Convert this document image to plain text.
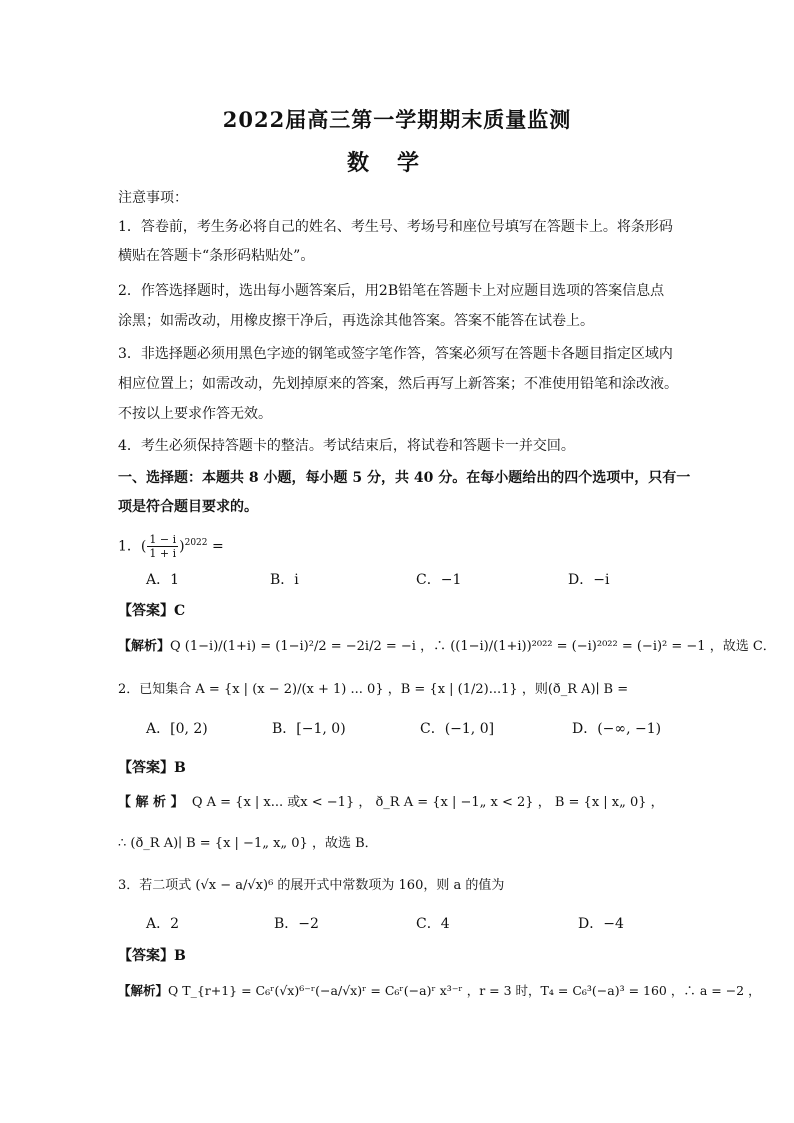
2022届高三第一学期期末质量监测
数学
注意事项：
1．答卷前，考生务必将自己的姓名、考生号、考场号和座位号填写在答题卡上。将条形码
横贴在答题卡“条形码粘贴处”。
2．作答选择题时，选出每小题答案后，用2B铅笔在答题卡上对应题目选项的答案信息点
涂黑；如需改动，用橡皮擦干净后，再选涂其他答案。答案不能答在试卷上。
3．非选择题必须用黑色字迹的钢笔或签字笔作答，答案必须写在答题卡各题目指定区域内
相应位置上；如需改动，先划掉原来的答案，然后再写上新答案；不准使用铅笔和涂改液。
不按以上要求作答无效。
4．考生必须保持答题卡的整洁。考试结束后，将试卷和答题卡一并交回。
一、选择题：本题共 8 小题，每小题 5 分，共 40 分。在每小题给出的四个选项中，只有一
项是符合题目要求的。
1．( $\frac{1 - i}{1 + i} )^{2022}$ =
A．1	B．i	C．−1	D．−i
【答案】C
【解析】Q (1−i)/(1+i) = (1−i)²/2 = −2i/2 = −i ，∴ ((1−i)/(1+i))²⁰²² = (−i)²⁰²² = (−i)² = −1 ，故选 C．
2．已知集合 A = {x | (x − 2)/(x + 1) ... 0} ，B = {x | (1/2)...1} ，则(ð_R A)∣ B =
A．[0, 2)	B．[−1, 0)	C．(−1, 0]	D．(−∞, −1)
【答案】B
【 解 析 】 Q A = {x | x... 或x < −1} ， ð_R A = {x | −1„ x < 2} ， B = {x | x„ 0} ，
∴ (ð_R A)∣ B = {x | −1„ x„ 0} ，故选 B．
3．若二项式 (√x − a/√x)⁶ 的展开式中常数项为 160，则 a 的值为
A．2	B．−2	C．4	D．−4
【答案】B
【解析】Q T_{r+1} = C₆ʳ(√x)⁶⁻ʳ(−a/√x)ʳ = C₆ʳ(−a)ʳ x³⁻ʳ ，r = 3 时，T₄ = C₆³(−a)³ = 160 ，∴ a = −2 ，
